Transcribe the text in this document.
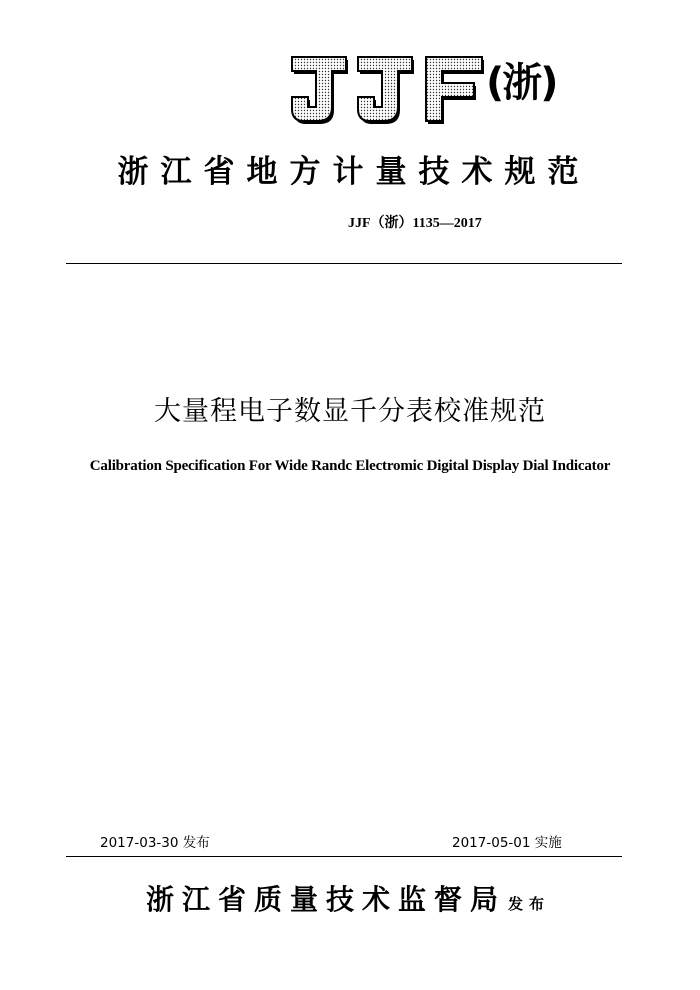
(浙)
浙江省地方计量技术规范
JJF（浙）1135—2017
大量程电子数显千分表校准规范
Calibration Specification For Wide Randc Electromic Digital Display Dial Indicator
2017-03-30 发布	2017-05-01 实施
浙江省质量技术监督局 发布
